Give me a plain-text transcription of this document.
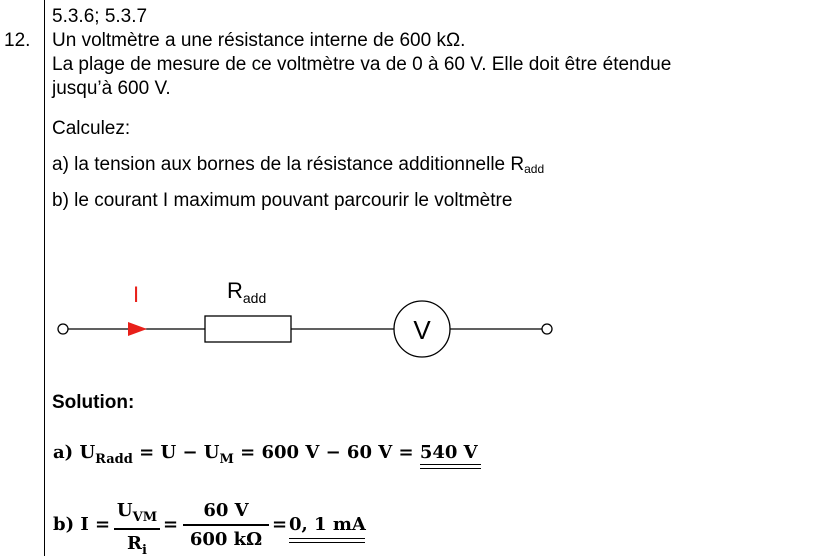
5.3.6; 5.3.7
12. Un voltmètre a une résistance interne de 600 kΩ.
La plage de mesure de ce voltmètre va de 0 à 60 V. Elle doit être étendue
jusqu’à 600 V.
Calculez:
a) la tension aux bornes de la résistance additionnelle $R_{add}$
b) le courant I maximum pouvant parcourir le voltmètre
I	$R_{add}$
V
Solution:
a) $U_{Radd} = U - U_M = 600$ V − 60 V = 540 V
b) I =
$U_{VM}$
$R_i$
=
60 V
600 kΩ
= 0, 1 mA
